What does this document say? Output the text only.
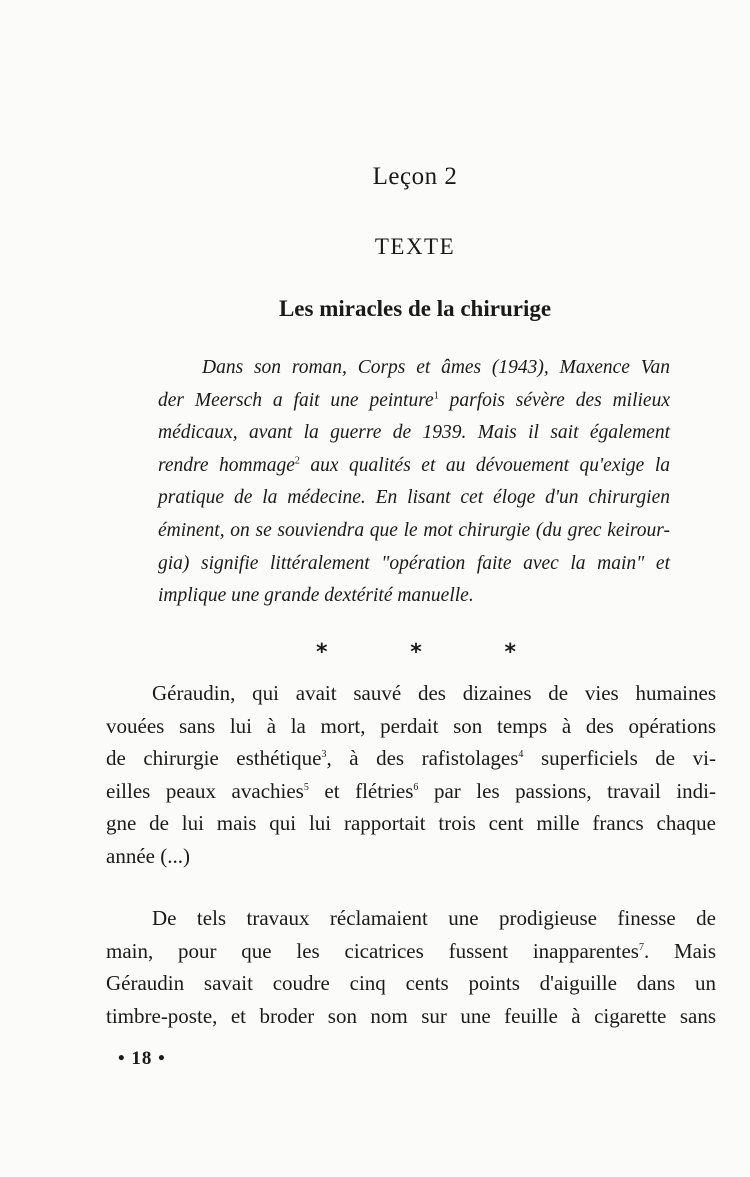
Leçon 2
TEXTE
Les miracles de la chirurige
Dans son roman, Corps et âmes (1943), Maxence Van
der Meersch a fait une peinture$^1$ parfois sévère des milieux
médicaux, avant la guerre de 1939. Mais il sait également
rendre hommage$^2$ aux qualités et au dévouement qu'exige la
pratique de la médecine. En lisant cet éloge d'un chirurgien
éminent, on se souviendra que le mot chirurgie (du grec keirour-
gia) signifie littéralement "opération faite avec la main" et
implique une grande dextérité manuelle.
*	*	*
Géraudin, qui avait sauvé des dizaines de vies humaines
vouées sans lui à la mort, perdait son temps à des opérations
de chirurgie esthétique$^3$, à des rafistolages$^4$ superficiels de vi-
eilles peaux avachies$^5$ et flétries$^6$ par les passions, travail indi-
gne de lui mais qui lui rapportait trois cent mille francs chaque
année (...)
De tels travaux réclamaient une prodigieuse finesse de
main, pour que les cicatrices fussent inapparentes$^7$. Mais
Géraudin savait coudre cinq cents points d'aiguille dans un
timbre-poste, et broder son nom sur une feuille à cigarette sans
• 18 •
